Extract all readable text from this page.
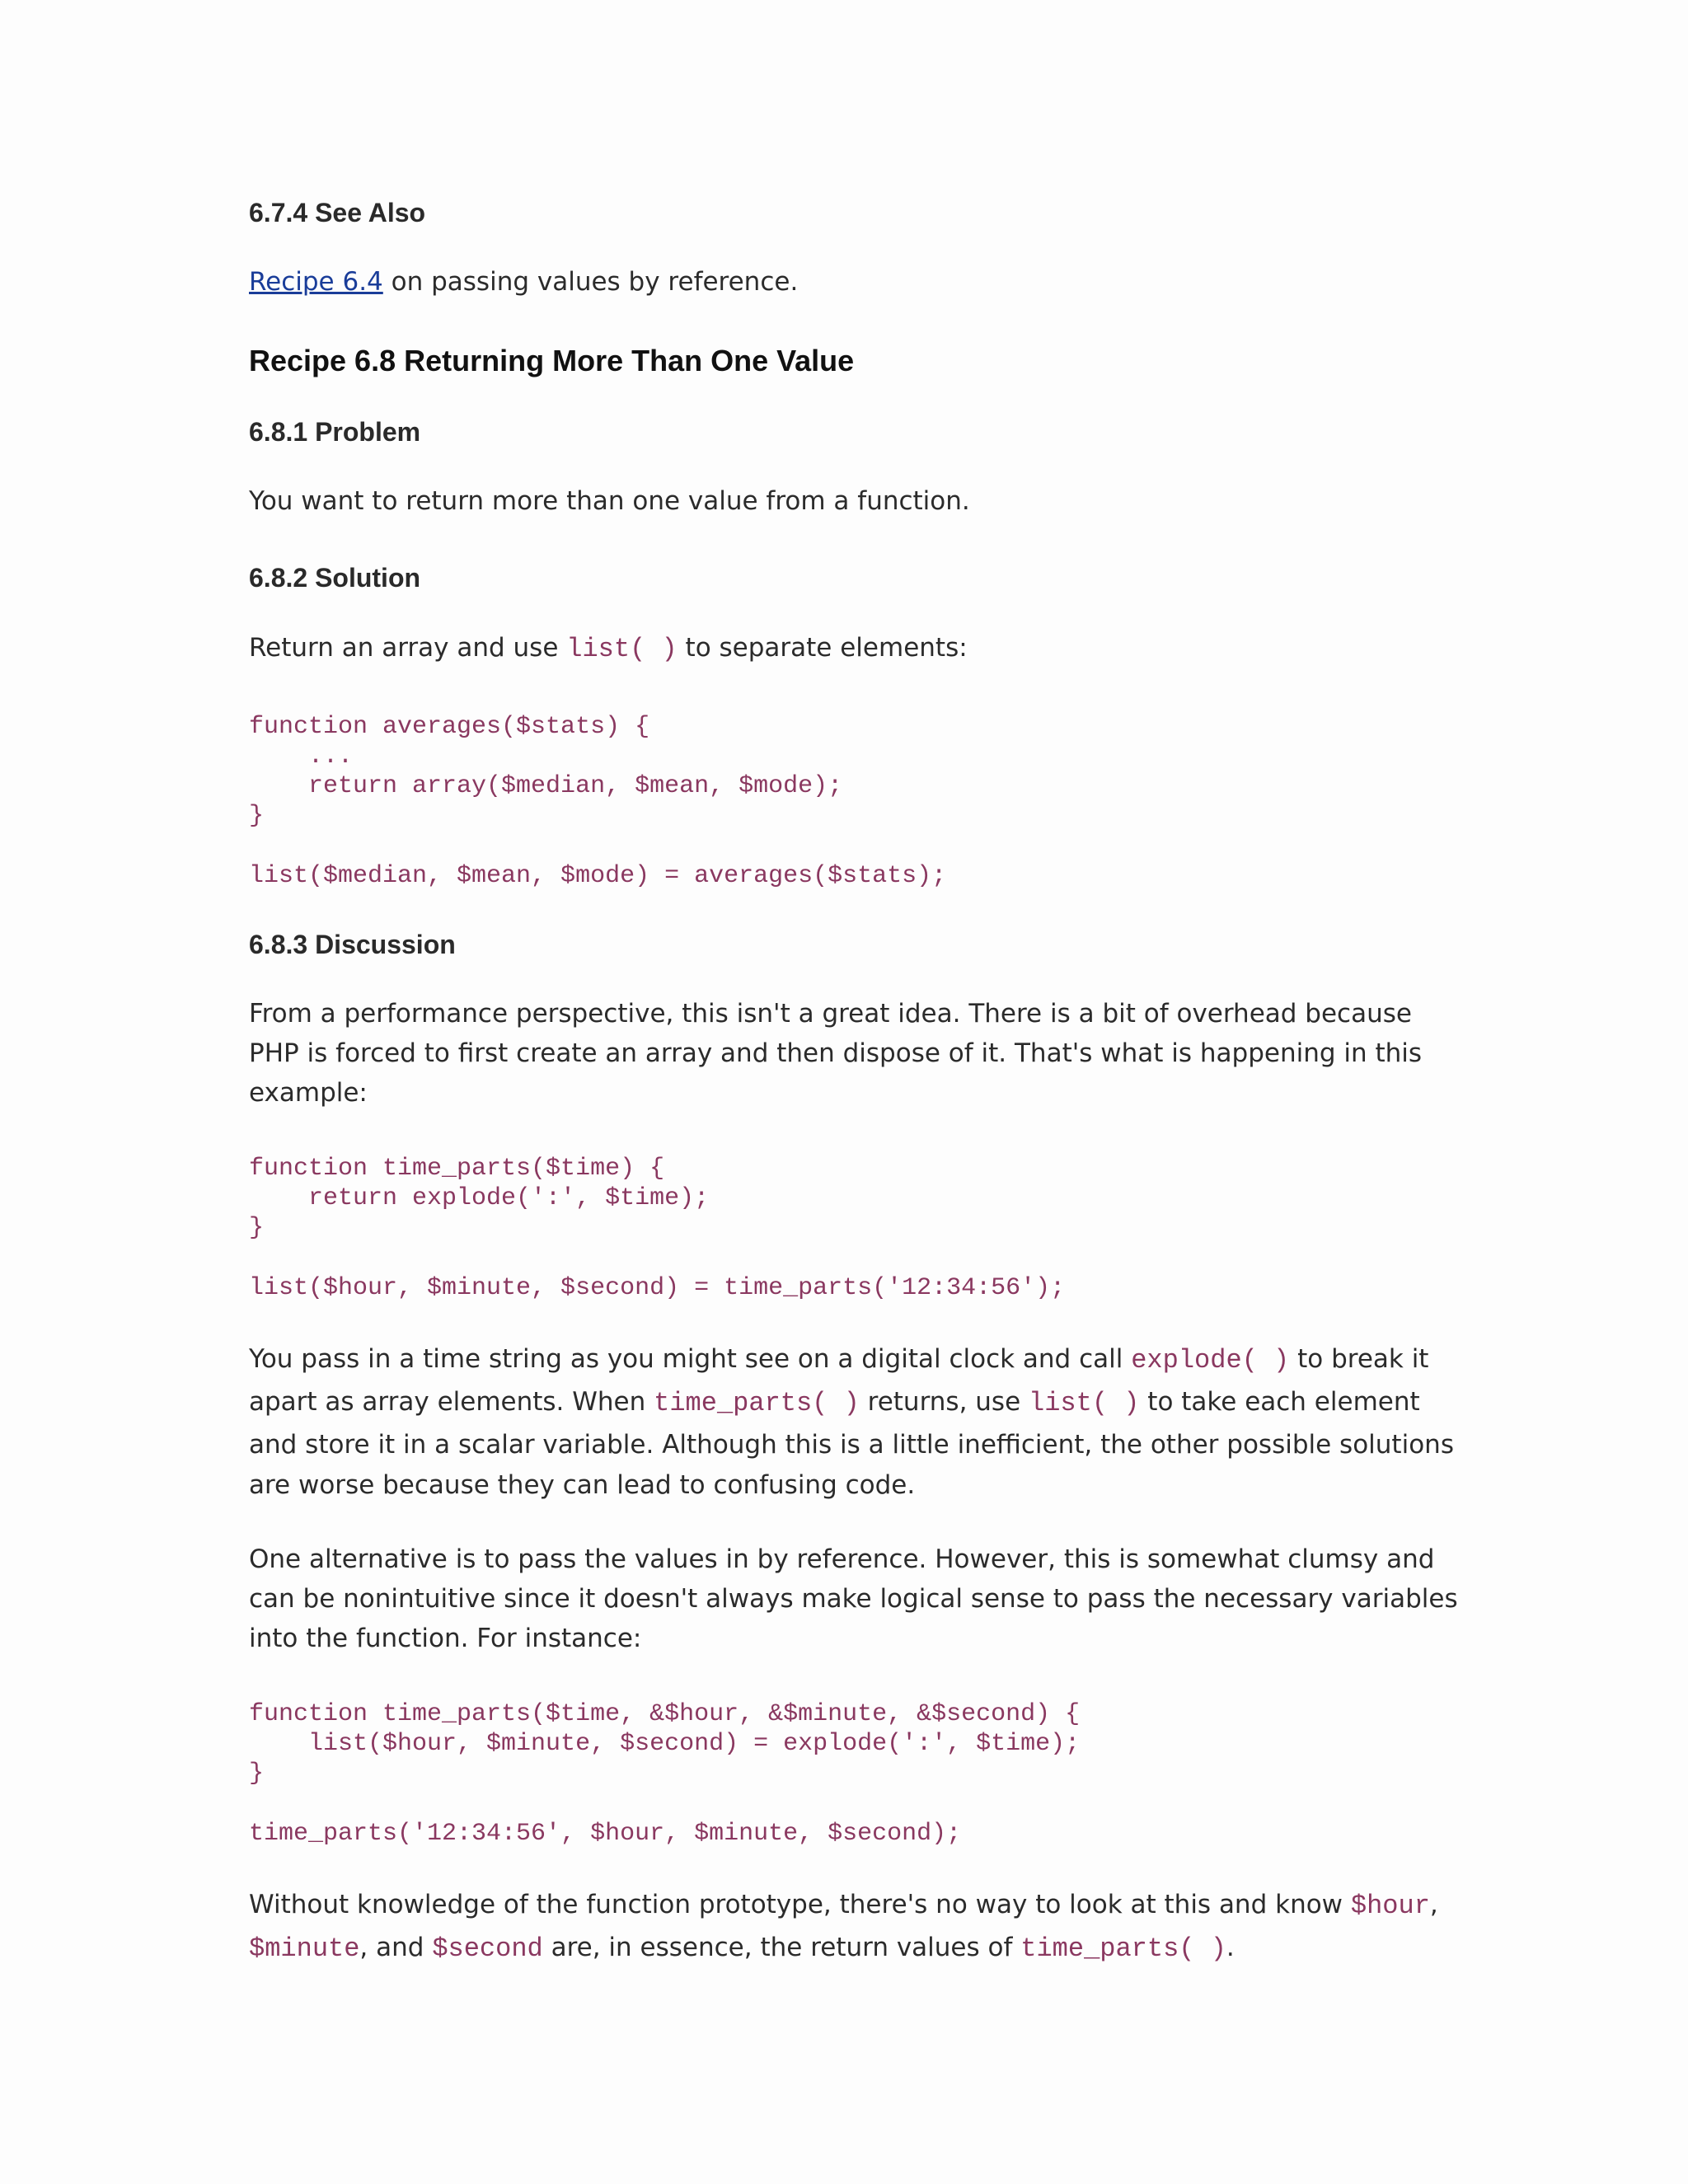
6.7.4 See Also
Recipe 6.4 on passing values by reference.
Recipe 6.8 Returning More Than One Value
6.8.1 Problem
You want to return more than one value from a function.
6.8.2 Solution
Return an array and use list( ) to separate elements:
function averages($stats) {
...
return array($median, $mean, $mode);
}
list($median, $mean, $mode) = averages($stats);
6.8.3 Discussion
From a performance perspective, this isn't a great idea. There is a bit of overhead because
PHP is forced to first create an array and then dispose of it. That's what is happening in this
example:
function time_parts($time) {
return explode(':', $time);
}
list($hour, $minute, $second) = time_parts('12:34:56');
You pass in a time string as you might see on a digital clock and call explode( ) to break it
apart as array elements. When time_parts( ) returns, use list( ) to take each element
and store it in a scalar variable. Although this is a little inefficient, the other possible solutions
are worse because they can lead to confusing code.
One alternative is to pass the values in by reference. However, this is somewhat clumsy and
can be nonintuitive since it doesn't always make logical sense to pass the necessary variables
into the function. For instance:
function time_parts($time, &$hour, &$minute, &$second) {
list($hour, $minute, $second) = explode(':', $time);
}
time_parts('12:34:56', $hour, $minute, $second);
Without knowledge of the function prototype, there's no way to look at this and know $hour,
$minute, and $second are, in essence, the return values of time_parts( ).
